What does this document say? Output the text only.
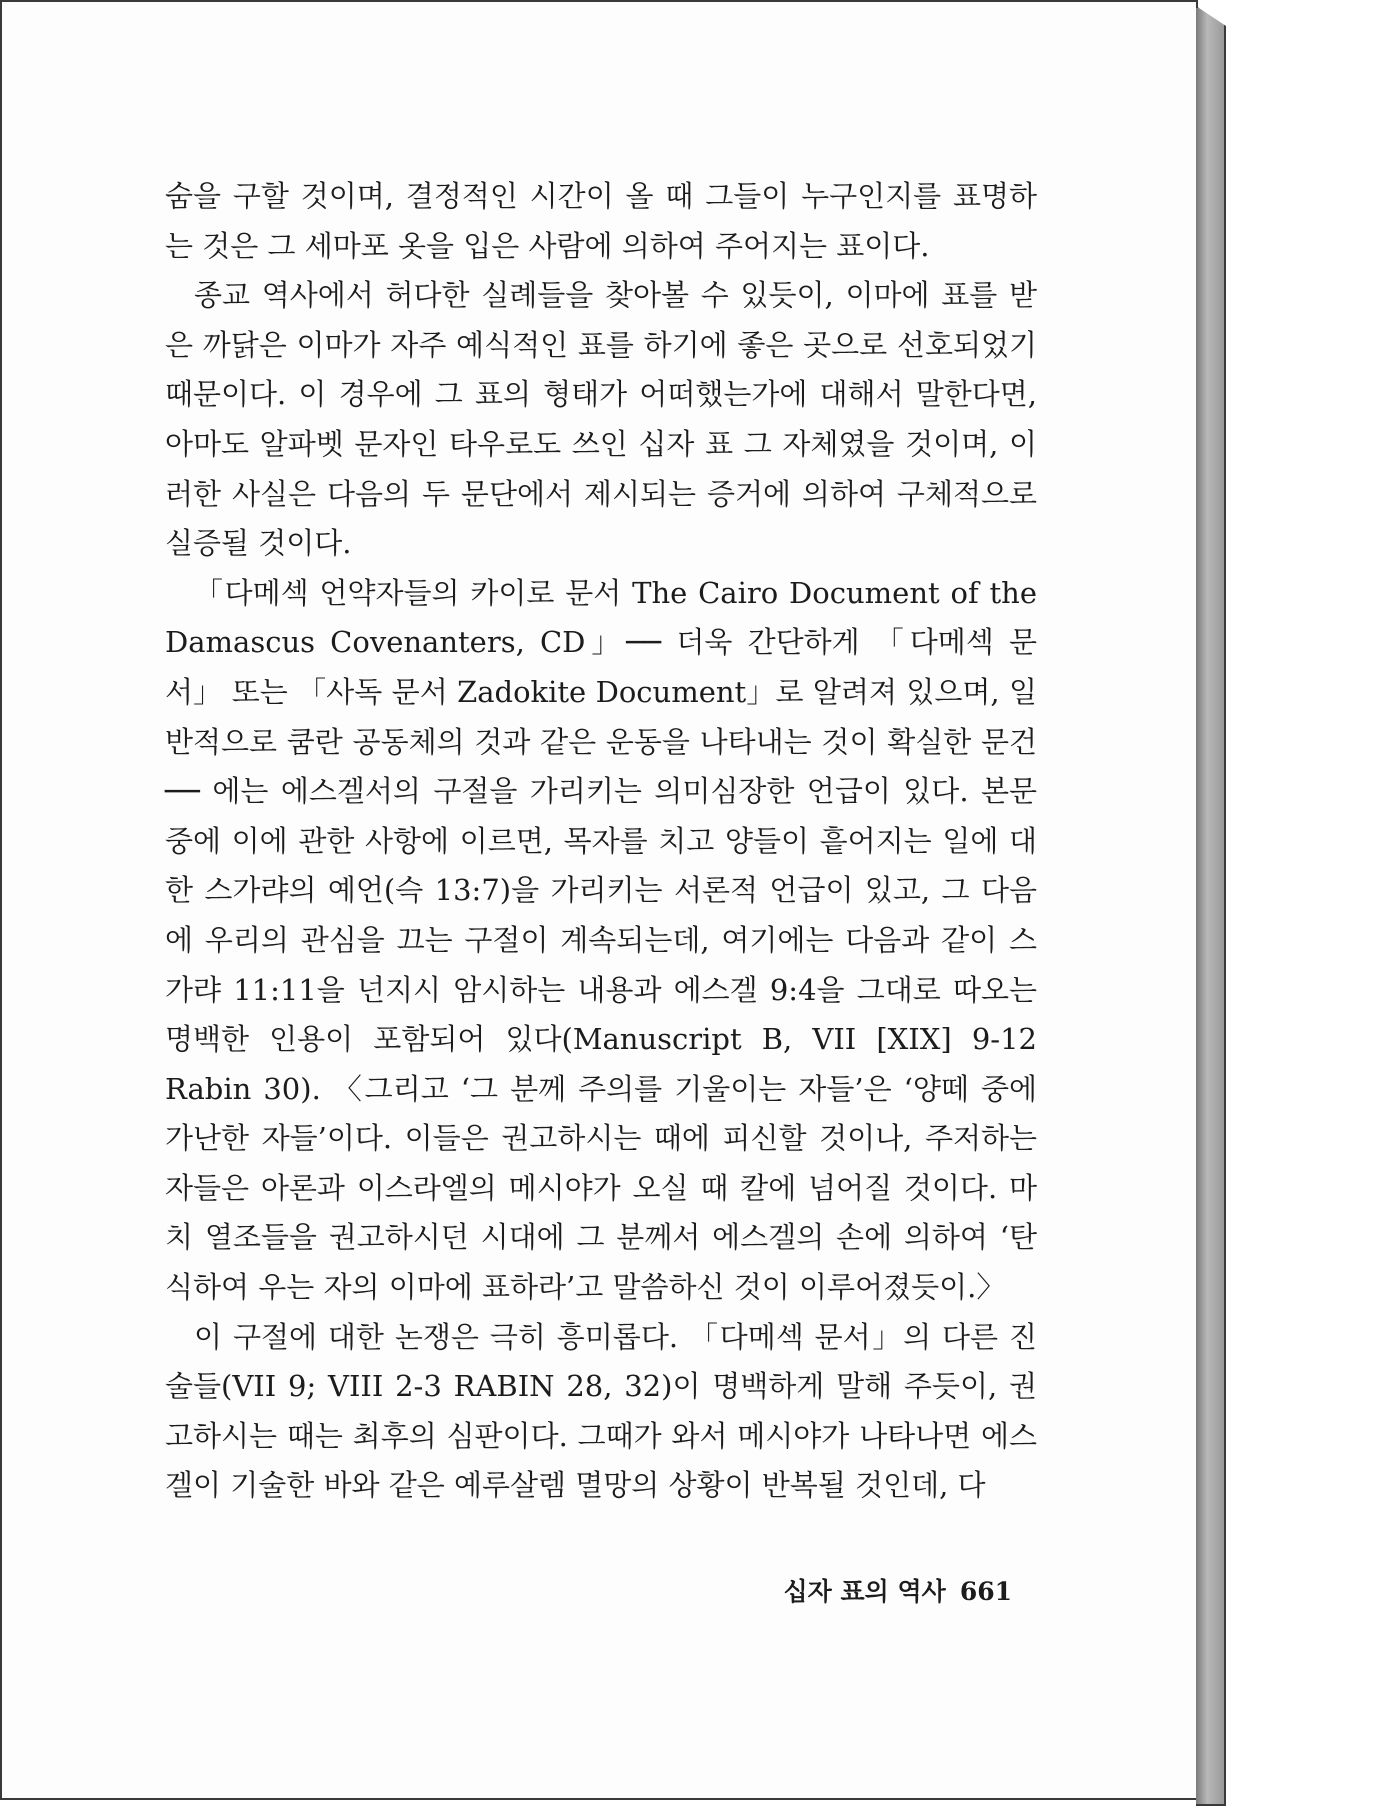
숨을 구할 것이며, 결정적인 시간이 올 때 그들이 누구인지를 표명하는 것은 그 세마포 옷을 입은 사람에 의하여 주어지는 표이다.

종교 역사에서 허다한 실례들을 찾아볼 수 있듯이, 이마에 표를 받은 까닭은 이마가 자주 예식적인 표를 하기에 좋은 곳으로 선호되었기 때문이다. 이 경우에 그 표의 형태가 어떠했는가에 대해서 말한다면, 아마도 알파벳 문자인 타우로도 쓰인 십자 표 그 자체였을 것이며, 이러한 사실은 다음의 두 문단에서 제시되는 증거에 의하여 구체적으로 실증될 것이다.

「다메섹 언약자들의 카이로 문서 The Cairo Document of the Damascus Covenanters, CD」── 더욱 간단하게 「다메섹 문서」 또는 「사독 문서 Zadokite Document」로 알려져 있으며, 일반적으로 쿰란 공동체의 것과 같은 운동을 나타내는 것이 확실한 문건 ── 에는 에스겔서의 구절을 가리키는 의미심장한 언급이 있다. 본문 중에 이에 관한 사항에 이르면, 목자를 치고 양들이 흩어지는 일에 대한 스가랴의 예언(슥 13:7)을 가리키는 서론적 언급이 있고, 그 다음에 우리의 관심을 끄는 구절이 계속되는데, 여기에는 다음과 같이 스가랴 11:11을 넌지시 암시하는 내용과 에스겔 9:4을 그대로 따오는 명백한 인용이 포함되어 있다(Manuscript B, VII [XIX] 9-12 Rabin 30). 〈그리고 ‘그 분께 주의를 기울이는 자들’은 ‘양떼 중에 가난한 자들’이다. 이들은 권고하시는 때에 피신할 것이나, 주저하는 자들은 아론과 이스라엘의 메시야가 오실 때 칼에 넘어질 것이다. 마치 열조들을 권고하시던 시대에 그 분께서 에스겔의 손에 의하여 ‘탄식하여 우는 자의 이마에 표하라’고 말씀하신 것이 이루어졌듯이.〉

이 구절에 대한 논쟁은 극히 흥미롭다. 「다메섹 문서」의 다른 진술들(VII 9; VIII 2-3 RABIN 28, 32)이 명백하게 말해 주듯이, 권고하시는 때는 최후의 심판이다. 그때가 와서 메시야가 나타나면 에스겔이 기술한 바와 같은 예루살렘 멸망의 상황이 반복될 것인데, 다

십자 표의 역사 661
